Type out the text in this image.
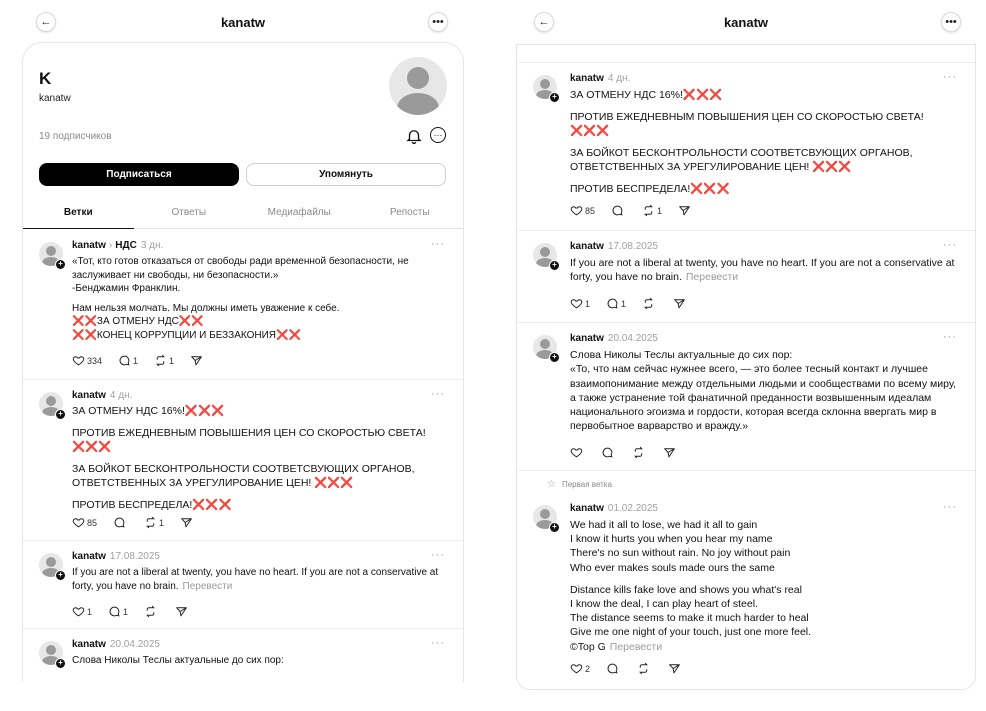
←	kanatw	•••
K
kanatw
19 подписчиков	···
Подписаться	Упомянуть
Ветки	Ответы	Медиафайлы	Репосты
+
kanatw › НДС 3 дн.	···

«Тот, кто готов отказаться от свободы ради временной безопасности, не заслуживает ни свободы, ни безопасности.»
-Бенджамин Франклин.

Нам нельзя молчать. Мы должны иметь уважение к себе.
❌❌ЗА ОТМЕНУ НДС❌❌
❌❌КОНЕЦ КОРРУПЦИИ И БЕЗЗАКОНИЯ❌❌

334	1	1
+
kanatw 4 дн.	···

ЗА ОТМЕНУ НДС 16%!❌❌❌

ПРОТИВ ЕЖЕДНЕВНЫМ ПОВЫШЕНИЯ ЦЕН СО СКОРОСТЬЮ СВЕТА!
❌❌❌

ЗА БОЙКОТ БЕСКОНТРОЛЬНОСТИ СООТВЕТСВУЮЩИХ ОРГАНОВ, ОТВЕТСТВЕННЫХ ЗА УРЕГУЛИРОВАНИЕ ЦЕН! ❌❌❌

ПРОТИВ БЕСПРЕДЕЛА!❌❌❌

85	1
+
kanatw 17.08.2025	···

If you are not a liberal at twenty, you have no heart. If you are not a conservative at forty, you have no brain. Перевести

1	1
+
kanatw 20.04.2025	···

Слова Николы Теслы актуальные до сих пор:

←	kanatw	•••
+
kanatw 4 дн.	···

ЗА ОТМЕНУ НДС 16%!❌❌❌

ПРОТИВ ЕЖЕДНЕВНЫМ ПОВЫШЕНИЯ ЦЕН СО СКОРОСТЬЮ СВЕТА!
❌❌❌

ЗА БОЙКОТ БЕСКОНТРОЛЬНОСТИ СООТВЕТСВУЮЩИХ ОРГАНОВ, ОТВЕТСТВЕННЫХ ЗА УРЕГУЛИРОВАНИЕ ЦЕН! ❌❌❌

ПРОТИВ БЕСПРЕДЕЛА!❌❌❌

85	1
+
kanatw 17.08.2025	···

If you are not a liberal at twenty, you have no heart. If you are not a conservative at forty, you have no brain. Перевести

1	1
+
kanatw 20.04.2025	···

Слова Николы Теслы актуальные до сих пор:

«То, что нам сейчас нужнее всего, — это более тесный контакт и лучшее взаимопонимание между отдельными людьми и сообществами по всему миру, а также устранение той фанатичной преданности возвышенным идеалам национального эгоизма и гордости, которая всегда склонна ввергать мир в первобытное варварство и вражду.»

☆ Первая ветка
+
kanatw 01.02.2025	···

We had it all to lose, we had it all to gain
I know it hurts you when you hear my name
There's no sun without rain. No joy without pain
Who ever makes souls made ours the same

Distance kills fake love and shows you what's real
I know the deal, I can play heart of steel.
The distance seems to make it much harder to heal
Give me one night of your touch, just one more feel.

©Top G Перевести

2
